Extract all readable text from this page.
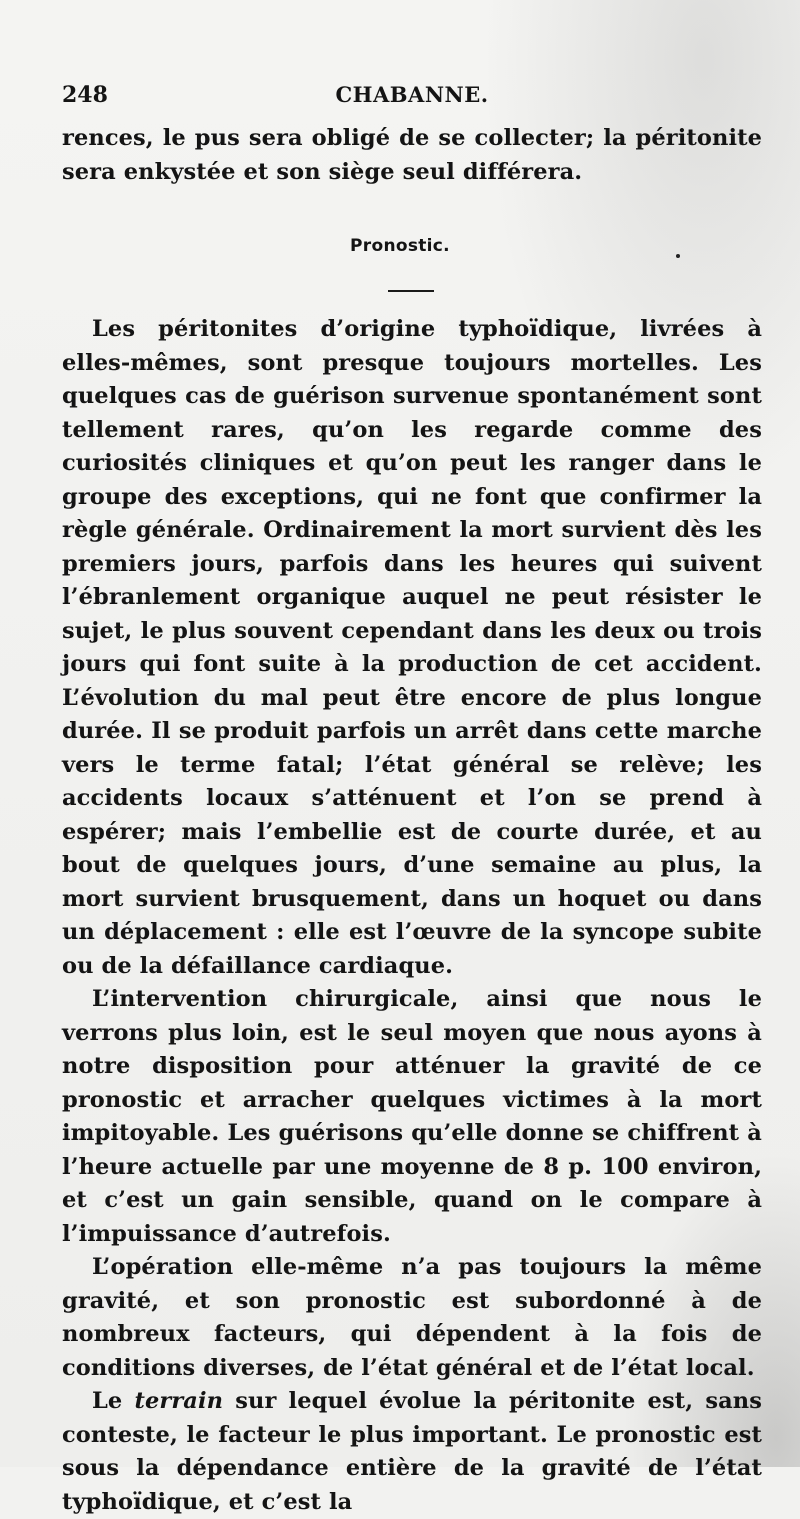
248	CHABANNE.
rences, le pus sera obligé de se collecter; la péritonite sera enkystée et son siège seul différera.
Pronostic.

Les péritonites d’origine typhoïdique, livrées à elles-mêmes, sont presque toujours mortelles. Les quelques cas de guérison survenue spontanément sont tellement rares, qu’on les regarde comme des curiosités cliniques et qu’on peut les ranger dans le groupe des exceptions, qui ne font que confirmer la règle générale. Ordinairement la mort survient dès les premiers jours, parfois dans les heures qui suivent l’ébranlement organique auquel ne peut résister le sujet, le plus souvent cependant dans les deux ou trois jours qui font suite à la production de cet accident. L’évolution du mal peut être encore de plus longue durée. Il se produit parfois un arrêt dans cette marche vers le terme fatal; l’état général se relève; les accidents locaux s’atténuent et l’on se prend à espérer; mais l’embellie est de courte durée, et au bout de quelques jours, d’une semaine au plus, la mort survient brusquement, dans un hoquet ou dans un déplacement : elle est l’œuvre de la syncope subite ou de la défaillance cardiaque.

L’intervention chirurgicale, ainsi que nous le verrons plus loin, est le seul moyen que nous ayons à notre disposition pour atténuer la gravité de ce pronostic et arracher quelques victimes à la mort impitoyable. Les guérisons qu’elle donne se chiffrent à l’heure actuelle par une moyenne de 8 p. 100 environ, et c’est un gain sensible, quand on le compare à l’impuissance d’autrefois.

L’opération elle-même n’a pas toujours la même gravité, et son pronostic est subordonné à de nombreux facteurs, qui dépendent à la fois de conditions diverses, de l’état général et de l’état local.

Le terrain sur lequel évolue la péritonite est, sans conteste, le facteur le plus important. Le pronostic est sous la dépendance entière de la gravité de l’état typhoïdique, et c’est la
